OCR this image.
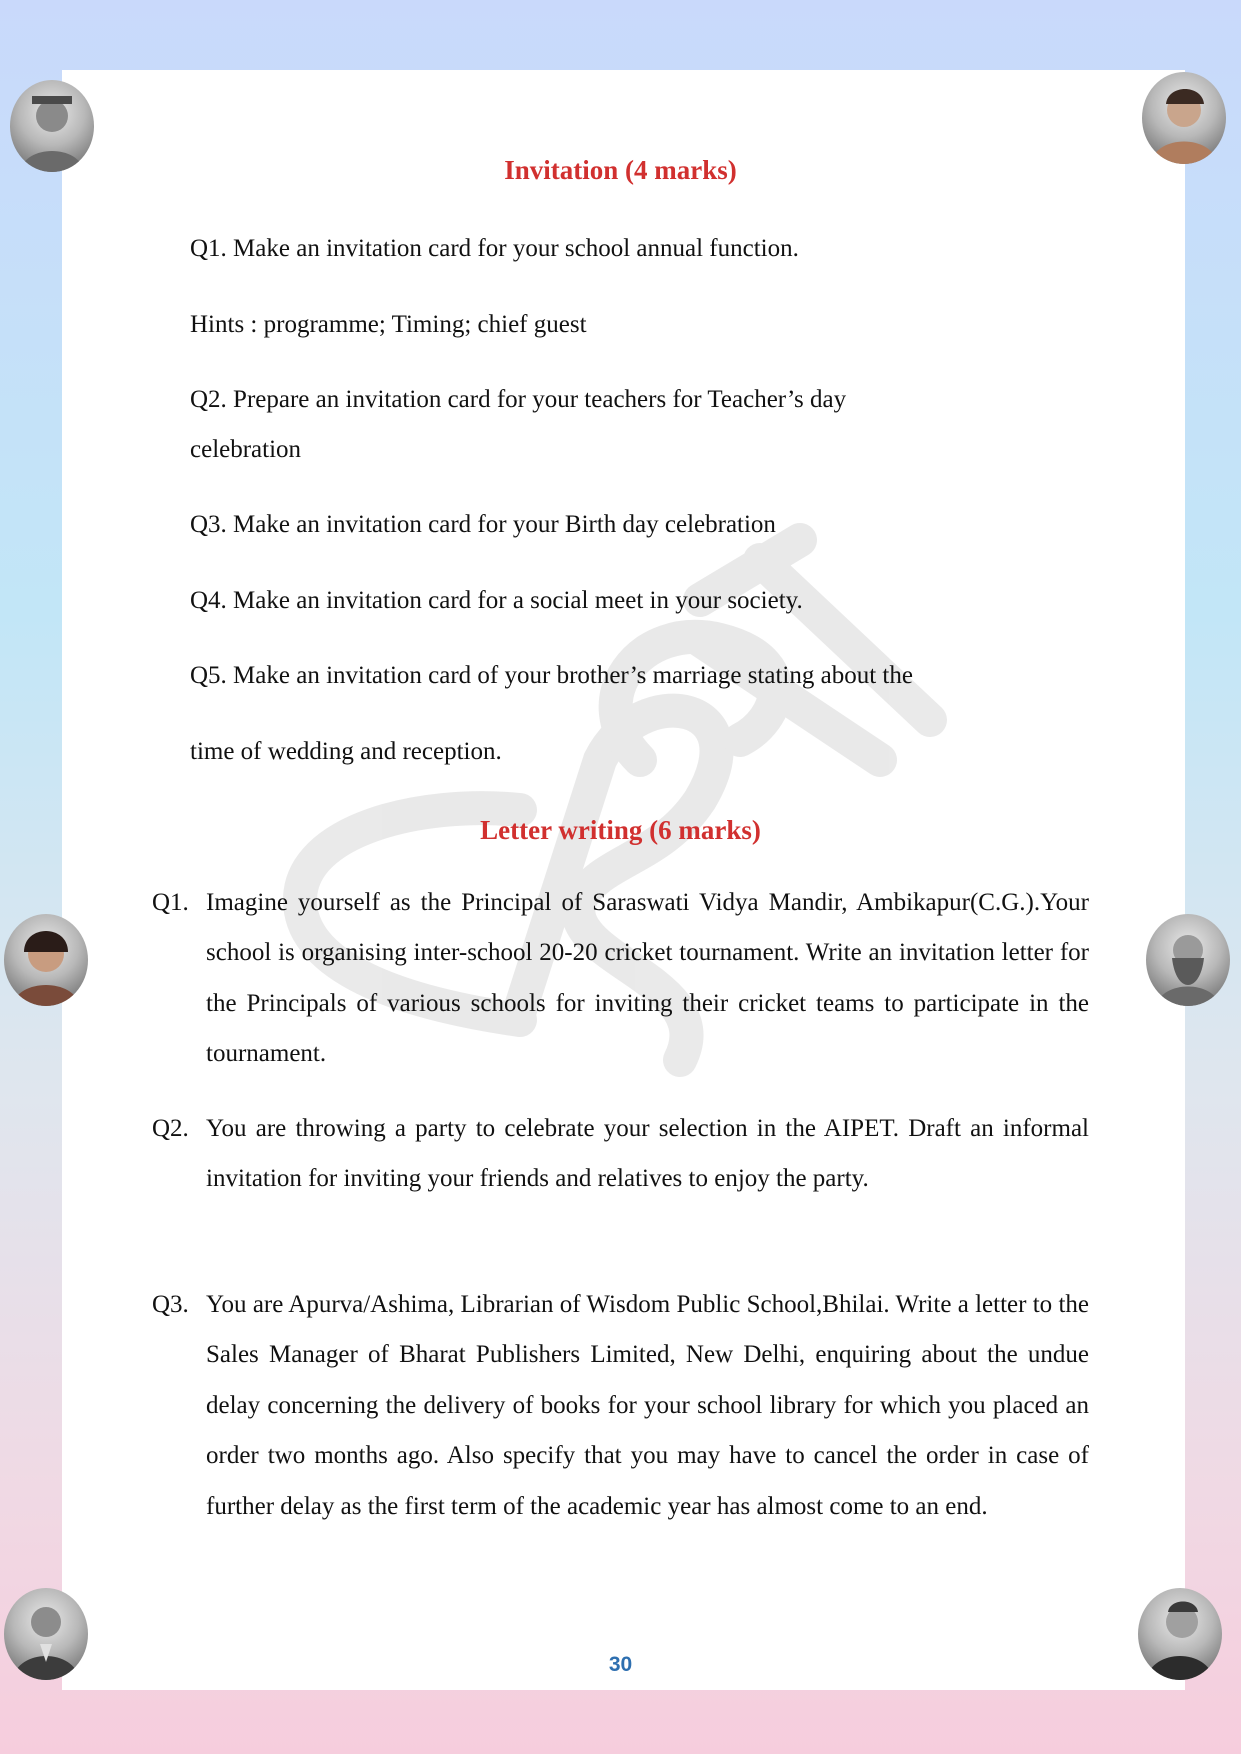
Invitation (4 marks)
Q1. Make an invitation card for your school annual function.
Hints : programme; Timing; chief guest
Q2. Prepare an invitation card for your teachers for Teacher’s day
celebration
Q3. Make an invitation card for your Birth day celebration
Q4. Make an invitation card for a social meet in your society.
Q5. Make an invitation card of your brother’s marriage stating about the
time of wedding and reception.
Letter writing (6 marks)
Q1. Imagine yourself as the Principal of Saraswati Vidya Mandir, Ambikapur(C.G.).Your school is organising inter-school 20-20 cricket tournament. Write an invitation letter for the Principals of various schools for inviting their cricket teams to participate in the tournament.
Q2. You are throwing a party to celebrate your selection in the AIPET. Draft an informal invitation for inviting your friends and relatives to enjoy the party.
Q3. You are Apurva/Ashima, Librarian of Wisdom Public School,Bhilai. Write a letter to the Sales Manager of Bharat Publishers Limited, New Delhi, enquiring about the undue delay concerning the delivery of books for your school library for which you placed an order two months ago. Also specify that you may have to cancel the order in case of further delay as the first term of the academic year has almost come to an end.
30
